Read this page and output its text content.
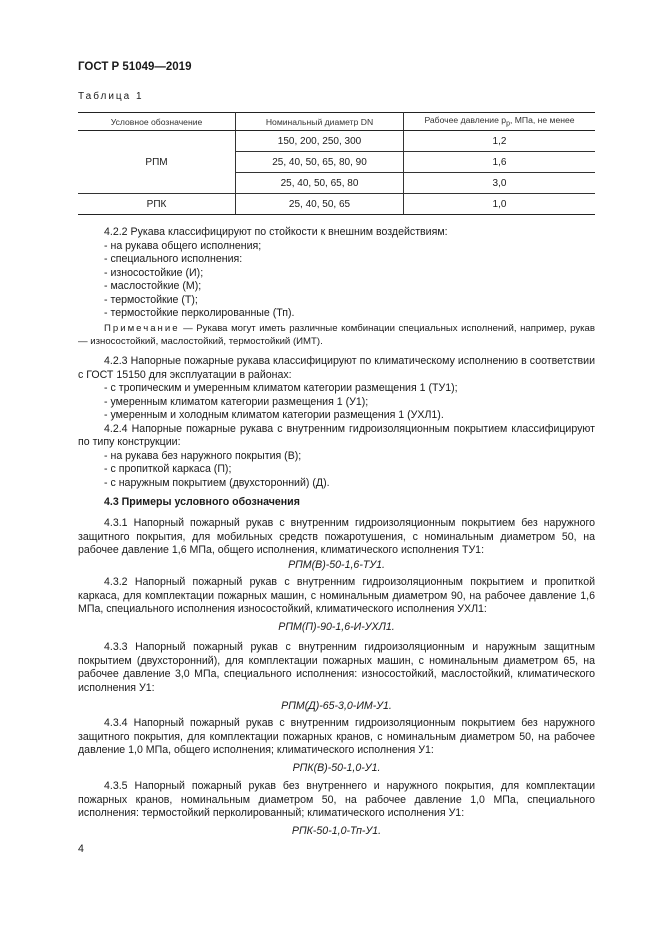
ГОСТ Р 51049—2019
Таблица 1
Условное обозначение	Номинальный диаметр DN	Рабочее давление $p_р$, МПа, не менее
РПМ	150, 200, 250, 300	1,2
	25, 40, 50, 65, 80, 90	1,6
	25, 40, 50, 65, 80	3,0
РПК	25, 40, 50, 65	1,0

4.2.2 Рукава классифицируют по стойкости к внешним воздействиям:

- на рукава общего исполнения;
- специального исполнения:
- износостойкие (И);
- маслостойкие (М);
- термостойкие (Т);
- термостойкие перколированные (Тп).
Примечание — Рукава могут иметь различные комбинации специальных исполнений, например, рукав — износостойкий, маслостойкий, термостойкий (ИМТ).

4.2.3 Напорные пожарные рукава классифицируют по климатическому исполнению в соответствии с ГОСТ 15150 для эксплуатации в районах:

- с тропическим и умеренным климатом категории размещения 1 (ТУ1);
- умеренным климатом категории размещения 1 (У1);
- умеренным и холодным климатом категории размещения 1 (УХЛ1).

4.2.4 Напорные пожарные рукава с внутренним гидроизоляционным покрытием классифицируют по типу конструкции:

- на рукава без наружного покрытия (В);
- с пропиткой каркаса (П);
- с наружным покрытием (двухсторонний) (Д).
4.3 Примеры условного обозначения

4.3.1 Напорный пожарный рукав с внутренним гидроизоляционным покрытием без наружного защитного покрытия, для мобильных средств пожаротушения, с номинальным диаметром 50, на рабочее давление 1,6 МПа, общего исполнения, климатического исполнения ТУ1:

РПМ(В)-50-1,6-ТУ1.

4.3.2 Напорный пожарный рукав с внутренним гидроизоляционным покрытием и пропиткой каркаса, для комплектации пожарных машин, с номинальным диаметром 90, на рабочее давление 1,6 МПа, специального исполнения износостойкий, климатического исполнения УХЛ1:

РПМ(П)-90-1,6-И-УХЛ1.

4.3.3 Напорный пожарный рукав с внутренним гидроизоляционным и наружным защитным покрытием (двухсторонний), для комплектации пожарных машин, с номинальным диаметром 65, на рабочее давление 3,0 МПа, специального исполнения: износостойкий, маслостойкий, климатического исполнения У1:

РПМ(Д)-65-3,0-ИМ-У1.

4.3.4 Напорный пожарный рукав с внутренним гидроизоляционным покрытием без наружного защитного покрытия, для комплектации пожарных кранов, с номинальным диаметром 50, на рабочее давление 1,0 МПа, общего исполнения; климатического исполнения У1:

РПК(В)-50-1,0-У1.

4.3.5 Напорный пожарный рукав без внутреннего и наружного покрытия, для комплектации пожарных кранов, номинальным диаметром 50, на рабочее давление 1,0 МПа, специального исполнения: термостойкий перколированный; климатического исполнения У1:

РПК-50-1,0-Тп-У1.
4
